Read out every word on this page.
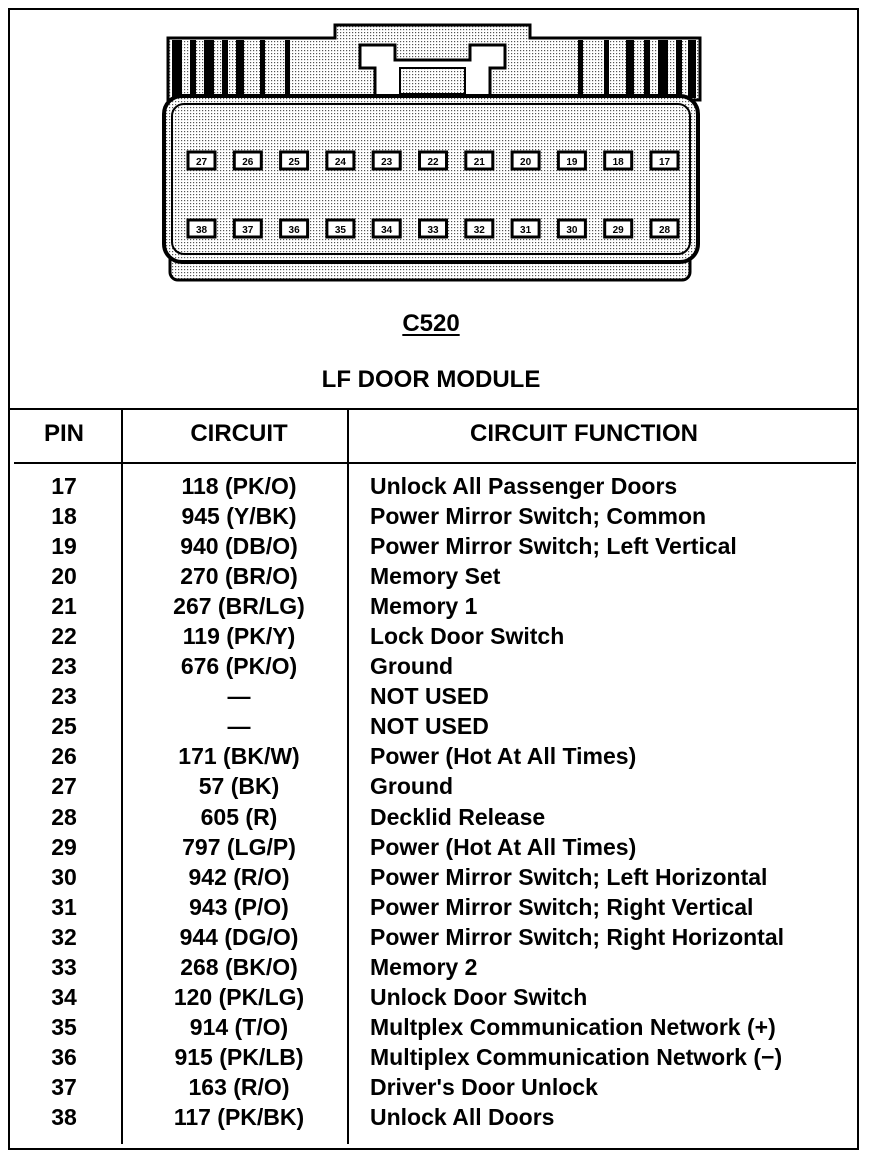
27	26	25	24	23	22	21	20	19	18	17
38	37	36	35	34	33	32	31	30	29	28
C520
LF DOOR MODULE
PIN	CIRCUIT	CIRCUIT FUNCTION
17	118 (PK/O)	Unlock All Passenger Doors
18	945 (Y/BK)	Power Mirror Switch; Common
19	940 (DB/O)	Power Mirror Switch; Left Vertical
20	270 (BR/O)	Memory Set
21	267 (BR/LG)	Memory 1
22	119 (PK/Y)	Lock Door Switch
23	676 (PK/O)	Ground
23	—	NOT USED
25	—	NOT USED
26	171 (BK/W)	Power (Hot At All Times)
27	57 (BK)	Ground
28	605 (R)	Decklid Release
29	797 (LG/P)	Power (Hot At All Times)
30	942 (R/O)	Power Mirror Switch; Left Horizontal
31	943 (P/O)	Power Mirror Switch; Right Vertical
32	944 (DG/O)	Power Mirror Switch; Right Horizontal
33	268 (BK/O)	Memory 2
34	120 (PK/LG)	Unlock Door Switch
35	914 (T/O)	Multplex Communication Network (+)
36	915 (PK/LB)	Multiplex Communication Network (−)
37	163 (R/O)	Driver's Door Unlock
38	117 (PK/BK)	Unlock All Doors
